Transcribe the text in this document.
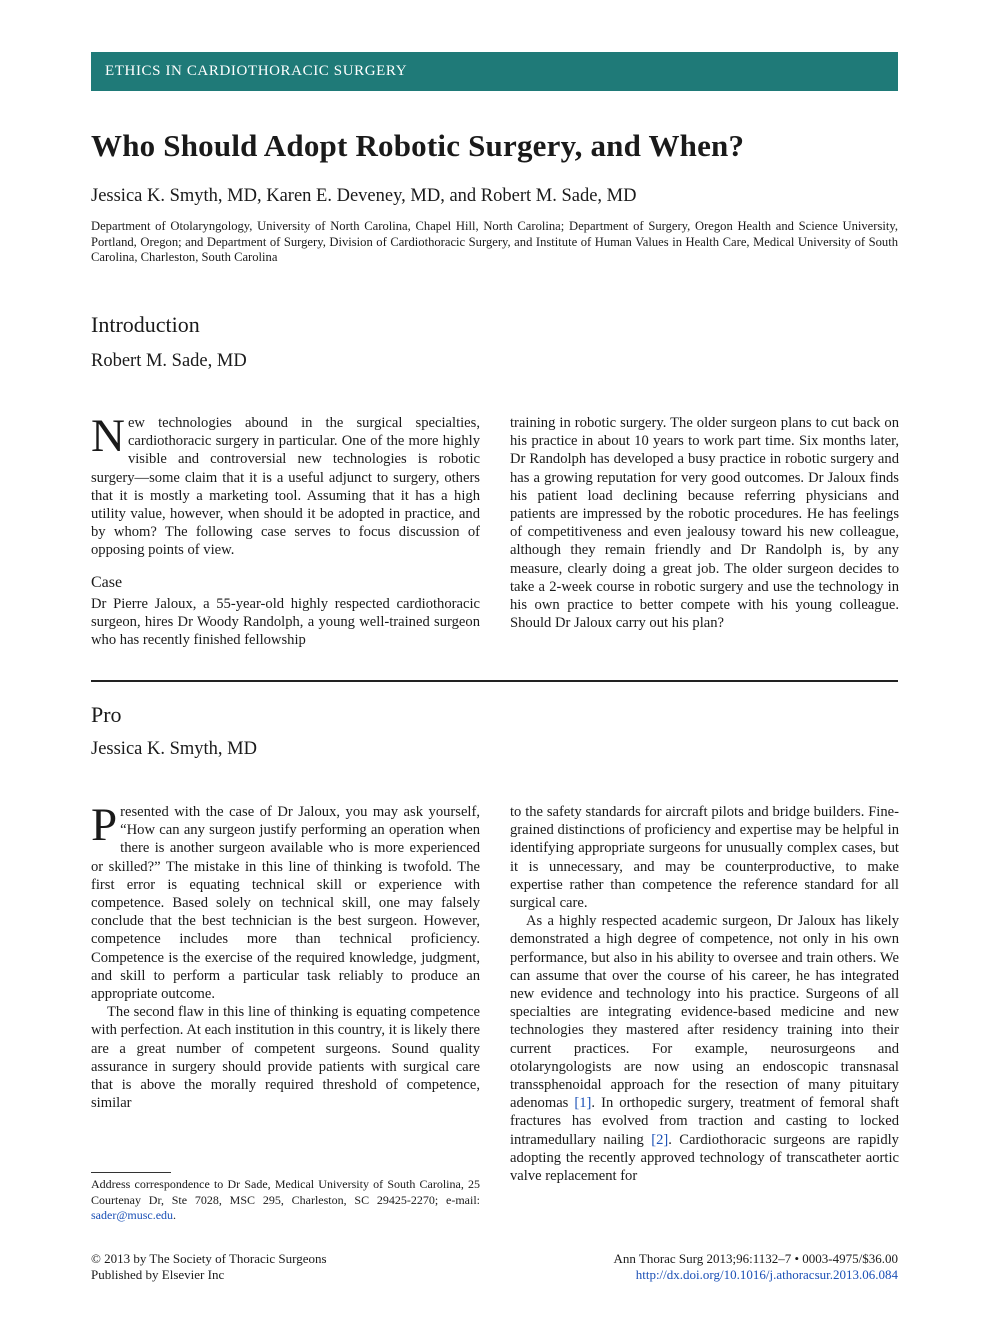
ETHICS IN CARDIOTHORACIC SURGERY
Who Should Adopt Robotic Surgery, and When?

Jessica K. Smyth, MD, Karen E. Deveney, MD, and Robert M. Sade, MD

Department of Otolaryngology, University of North Carolina, Chapel Hill, North Carolina; Department of Surgery, Oregon Health and Science University, Portland, Oregon; and Department of Surgery, Division of Cardiothoracic Surgery, and Institute of Human Values in Health Care, Medical University of South Carolina, Charleston, South Carolina

Introduction

Robert M. Sade, MD

New technologies abound in the surgical specialties, cardiothoracic surgery in particular. One of the more highly visible and controversial new technologies is robotic surgery—some claim that it is a useful adjunct to surgery, others that it is mostly a marketing tool. Assuming that it has a high utility value, however, when should it be adopted in practice, and by whom? The following case serves to focus discussion of opposing points of view.

Case

Dr Pierre Jaloux, a 55-year-old highly respected cardiothoracic surgeon, hires Dr Woody Randolph, a young well-trained surgeon who has recently finished fellowship

training in robotic surgery. The older surgeon plans to cut back on his practice in about 10 years to work part time. Six months later, Dr Randolph has developed a busy practice in robotic surgery and has a growing reputation for very good outcomes. Dr Jaloux finds his patient load declining because referring physicians and patients are impressed by the robotic procedures. He has feelings of competitiveness and even jealousy toward his new colleague, although they remain friendly and Dr Randolph is, by any measure, clearly doing a great job. The older surgeon decides to take a 2-week course in robotic surgery and use the technology in his own practice to better compete with his young colleague. Should Dr Jaloux carry out his plan?

Pro

Jessica K. Smyth, MD

Presented with the case of Dr Jaloux, you may ask yourself, “How can any surgeon justify performing an operation when there is another surgeon available who is more experienced or skilled?” The mistake in this line of thinking is twofold. The first error is equating technical skill or experience with competence. Based solely on technical skill, one may falsely conclude that the best technician is the best surgeon. However, competence includes more than technical proficiency. Competence is the exercise of the required knowledge, judgment, and skill to perform a particular task reliably to produce an appropriate outcome.

The second flaw in this line of thinking is equating competence with perfection. At each institution in this country, it is likely there are a great number of competent surgeons. Sound quality assurance in surgery should provide patients with surgical care that is above the morally required threshold of competence, similar

to the safety standards for aircraft pilots and bridge builders. Fine-grained distinctions of proficiency and expertise may be helpful in identifying appropriate surgeons for unusually complex cases, but it is unnecessary, and may be counterproductive, to make expertise rather than competence the reference standard for all surgical care.

As a highly respected academic surgeon, Dr Jaloux has likely demonstrated a high degree of competence, not only in his own performance, but also in his ability to oversee and train others. We can assume that over the course of his career, he has integrated new evidence and technology into his practice. Surgeons of all specialties are integrating evidence-based medicine and new technologies they mastered after residency training into their current practices. For example, neurosurgeons and otolaryngologists are now using an endoscopic transnasal transsphenoidal approach for the resection of many pituitary adenomas [1]. In orthopedic surgery, treatment of femoral shaft fractures has evolved from traction and casting to locked intramedullary nailing [2]. Cardiothoracic surgeons are rapidly adopting the recently approved technology of transcatheter aortic valve replacement for

Address correspondence to Dr Sade, Medical University of South Carolina, 25 Courtenay Dr, Ste 7028, MSC 295, Charleston, SC 29425-2270; e-mail: sader@musc.edu.

© 2013 by The Society of Thoracic Surgeons
Published by Elsevier Inc
Ann Thorac Surg 2013;96:1132–7 • 0003-4975/$36.00
http://dx.doi.org/10.1016/j.athoracsur.2013.06.084
